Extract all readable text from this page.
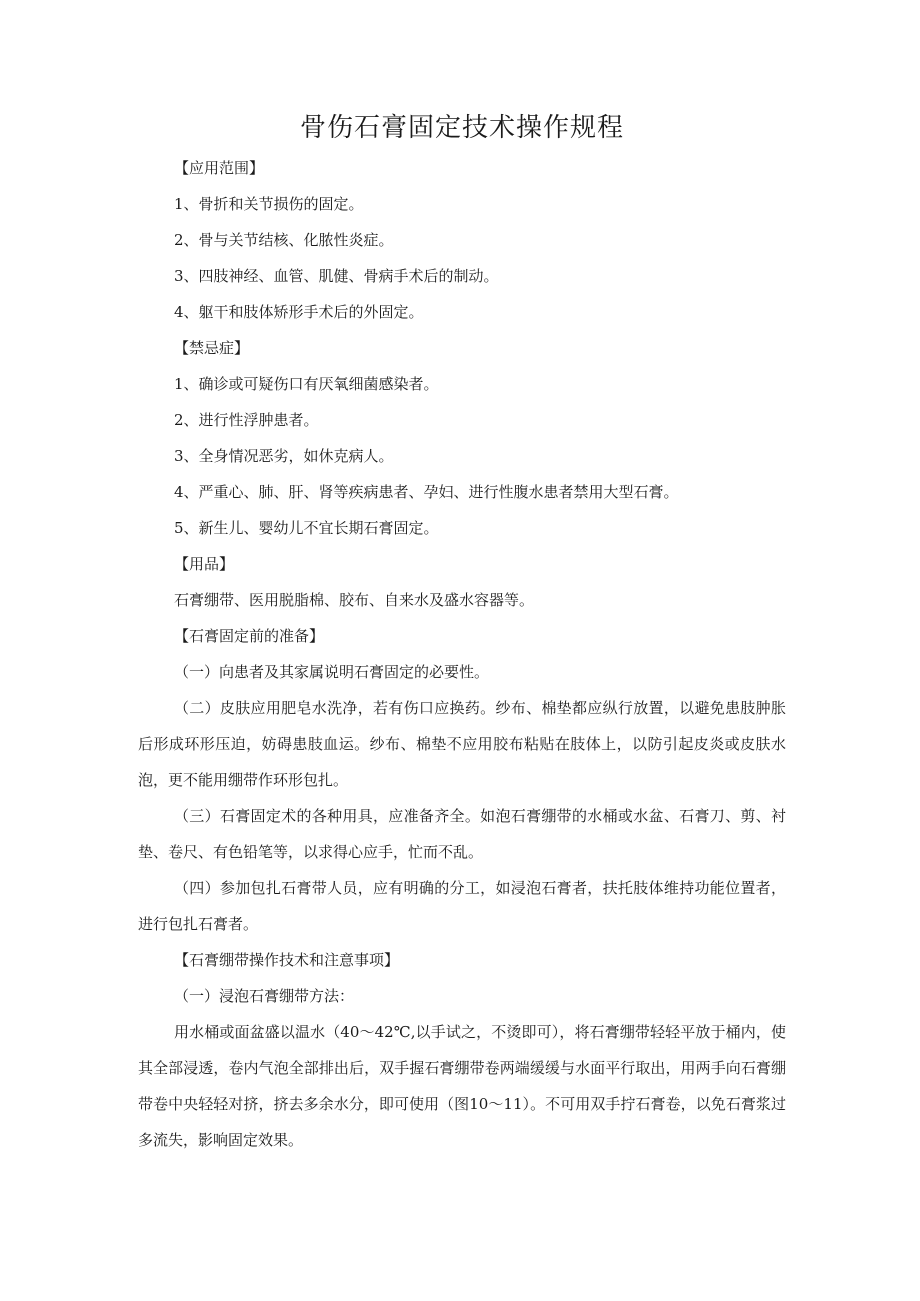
骨伤石膏固定技术操作规程
【应用范围】
1、骨折和关节损伤的固定。
2、骨与关节结核、化脓性炎症。
3、四肢神经、血管、肌健、骨病手术后的制动。
4、躯干和肢体矫形手术后的外固定。
【禁忌症】
1、确诊或可疑伤口有厌氧细菌感染者。
2、进行性浮肿患者。
3、全身情况恶劣，如休克病人。
4、严重心、肺、肝、肾等疾病患者、孕妇、进行性腹水患者禁用大型石膏。
5、新生儿、婴幼儿不宜长期石膏固定。
【用品】
石膏绷带、医用脱脂棉、胶布、自来水及盛水容器等。
【石膏固定前的准备】

（一）向患者及其家属说明石膏固定的必要性。

（二）皮肤应用肥皂水洗净，若有伤口应换药。纱布、棉垫都应纵行放置，以避免患肢肿胀后形成环形压迫，妨碍患肢血运。纱布、棉垫不应用胶布粘贴在肢体上，以防引起皮炎或皮肤水泡，更不能用绷带作环形包扎。

（三）石膏固定术的各种用具，应准备齐全。如泡石膏绷带的水桶或水盆、石膏刀、剪、衬垫、卷尺、有色铅笔等，以求得心应手，忙而不乱。

（四）参加包扎石膏带人员，应有明确的分工，如浸泡石膏者，扶托肢体维持功能位置者，进行包扎石膏者。

【石膏绷带操作技术和注意事项】
（一）浸泡石膏绷带方法：

用水桶或面盆盛以温水（40～42℃,以手试之，不烫即可），将石膏绷带轻轻平放于桶内，使其全部浸透，卷内气泡全部排出后，双手握石膏绷带卷两端缓缓与水面平行取出，用两手向石膏绷带卷中央轻轻对挤，挤去多余水分，即可使用（图10～11）。不可用双手拧石膏卷，以免石膏浆过多流失，影响固定效果。
